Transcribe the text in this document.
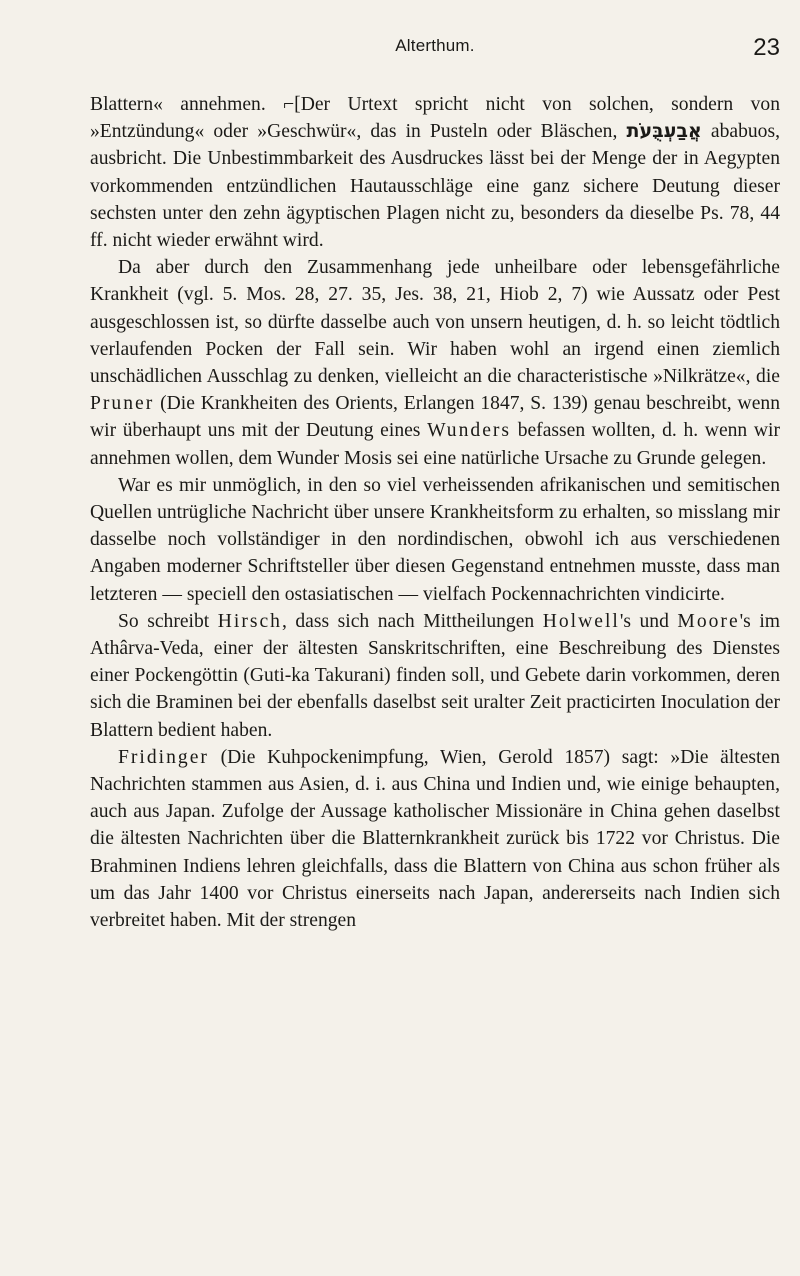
Alterthum.	23

Blattern« annehmen. ⌐[Der Urtext spricht nicht von solchen, sondern von »Entzündung« oder »Geschwür«, das in Pusteln oder Bläschen, אֲבַעְבֻּעֹת ababuos, ausbricht. Die Unbestimmbarkeit des Ausdruckes lässt bei der Menge der in Aegypten vorkommenden entzündlichen Hautausschläge eine ganz sichere Deutung dieser sechsten unter den zehn ägyptischen Plagen nicht zu, besonders da dieselbe Ps. 78, 44 ff. nicht wieder erwähnt wird.

Da aber durch den Zusammenhang jede unheilbare oder lebensgefährliche Krankheit (vgl. 5. Mos. 28, 27. 35, Jes. 38, 21, Hiob 2, 7) wie Aussatz oder Pest ausgeschlossen ist, so dürfte dasselbe auch von unsern heutigen, d. h. so leicht tödtlich verlaufenden Pocken der Fall sein. Wir haben wohl an irgend einen ziemlich unschädlichen Ausschlag zu denken, vielleicht an die characteristische »Nilkrätze«, die Pruner (Die Krankheiten des Orients, Erlangen 1847, S. 139) genau beschreibt, wenn wir überhaupt uns mit der Deutung eines Wunders befassen wollten, d. h. wenn wir annehmen wollen, dem Wunder Mosis sei eine natürliche Ursache zu Grunde gelegen.

War es mir unmöglich, in den so viel verheissenden afrikanischen und semitischen Quellen untrügliche Nachricht über unsere Krankheitsform zu erhalten, so misslang mir dasselbe noch vollständiger in den nordindischen, obwohl ich aus verschiedenen Angaben moderner Schriftsteller über diesen Gegenstand entnehmen musste, dass man letzteren — speciell den ostasiatischen — vielfach Pockennachrichten vindicirte.

So schreibt Hirsch, dass sich nach Mittheilungen Holwell's und Moore's im Athârva-Veda, einer der ältesten Sanskritschriften, eine Beschreibung des Dienstes einer Pockengöttin (Guti-ka Takurani) finden soll, und Gebete darin vorkommen, deren sich die Braminen bei der ebenfalls daselbst seit uralter Zeit practicirten Inoculation der Blattern bedient haben.

Fridinger (Die Kuhpockenimpfung, Wien, Gerold 1857) sagt: »Die ältesten Nachrichten stammen aus Asien, d. i. aus China und Indien und, wie einige behaupten, auch aus Japan. Zufolge der Aussage katholischer Missionäre in China gehen daselbst die ältesten Nachrichten über die Blatternkrankheit zurück bis 1722 vor Christus. Die Brahminen Indiens lehren gleichfalls, dass die Blattern von China aus schon früher als um das Jahr 1400 vor Christus einerseits nach Japan, andererseits nach Indien sich verbreitet haben. Mit der strengen
